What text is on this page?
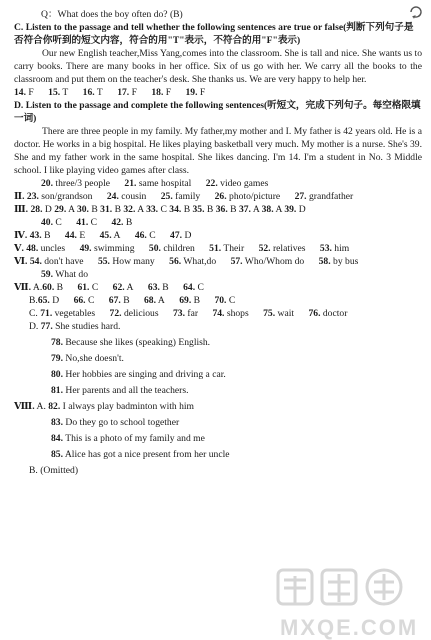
Q：What does the boy often do? (B)
C. Listen to the passage and tell whether the following sentences are true or false(判断下列句子是否符合你听到的短文内容，符合的用"T"表示，不符合的用"F"表示)
Our new English teacher,Miss Yang,comes into the classroom. She is tall and nice. She wants us to carry books. There are many books in her office. Six of us go with her. We carry all the books to the classroom and put them on the teacher's desk. She thanks us. We are very happy to help her.
14. F 15. T 16. T 17. F 18. F 19. F
D. Listen to the passage and complete the following sentences(听短文，完成下列句子。每空格限填一词)
There are three people in my family. My father,my mother and I. My father is 42 years old. He is a doctor. He works in a big hospital. He likes playing basketball very much. My mother is a nurse. She's 39. She and my father work in the same hospital. She likes dancing. I'm 14. I'm a student in No. 3 Middle school. I like playing video games after class.
20. three/3 people 21. same hospital 22. video games
Ⅱ. 23. son/grandson 24. cousin 25. family 26. photo/picture 27. grandfather
Ⅲ. 28. D 29. A 30. B 31. B 32. A 33. C 34. B 35. B 36. B 37. A 38. A 39. D
40. C 41. C 42. B
Ⅳ. 43. B 44. E 45. A 46. C 47. D
Ⅴ. 48. uncles 49. swimming 50. children 51. Their 52. relatives 53. him
Ⅵ. 54. don't have 55. How many 56. What,do 57. Who/Whom do 58. by bus
59. What do
Ⅶ. A.60. B 61. C 62. A 63. B 64. C
B.65. D 66. C 67. B 68. A 69. B 70. C
C. 71. vegetables 72. delicious 73. far 74. shops 75. wait 76. doctor
D. 77. She studies hard.
78. Because she likes (speaking) English.
79. No,she doesn't.
80. Her hobbies are singing and driving a car.
81. Her parents and all the teachers.
Ⅷ. A. 82. I always play badminton with him
83. Do they go to school together
84. This is a photo of my family and me
85. Alice has got a nice present from her uncle
B. (Omitted)
MXQE.COM
